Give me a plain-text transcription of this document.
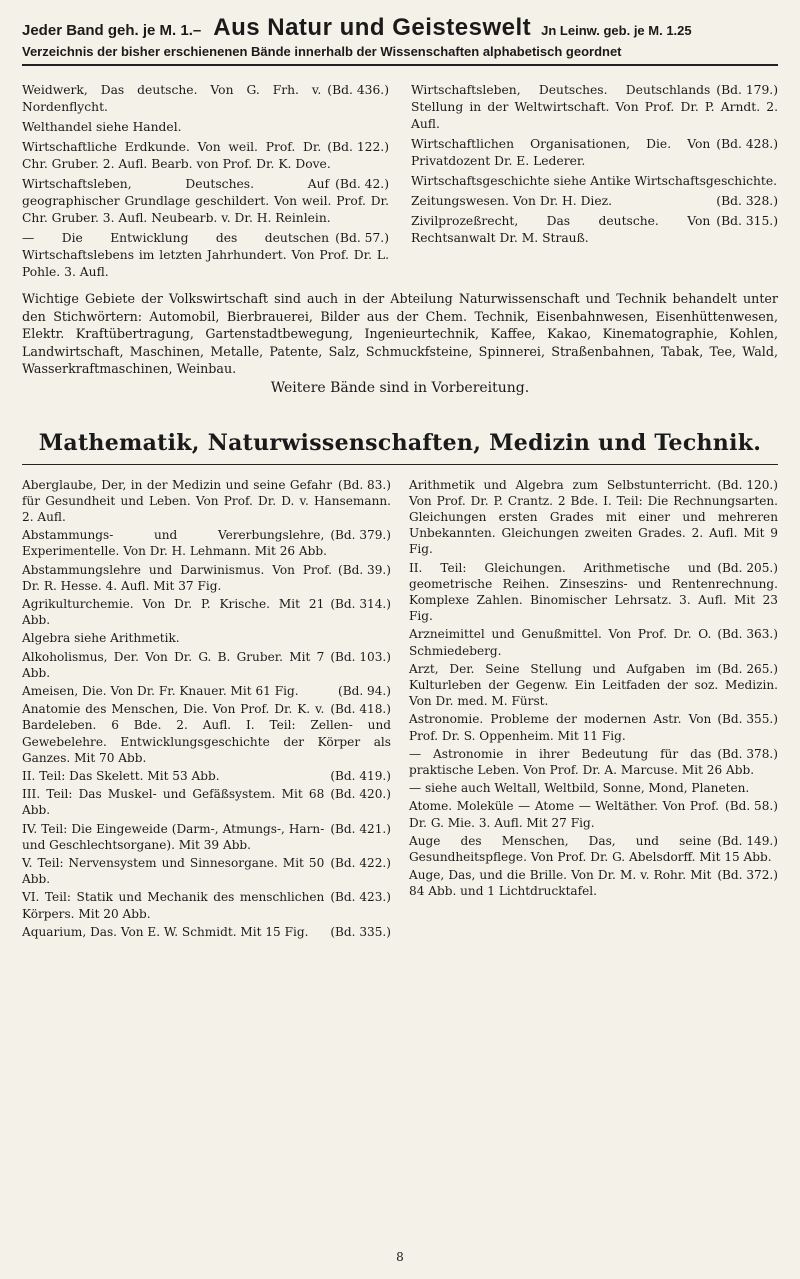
Jeder Band geh. je M. 1.– Aus Natur und Geisteswelt Jn Leinw. geb. je M. 1.25
Verzeichnis der bisher erschienenen Bände innerhalb der Wissenschaften alphabetisch geordnet
(Bd. 436.)
Weidwerk, Das deutsche. Von G. Frh. v. Nordenflycht.
Welthandel siehe Handel.
(Bd. 122.)
Wirtschaftliche Erdkunde. Von weil. Prof. Dr. Chr. Gruber. 2. Aufl. Bearb. von Prof. Dr. K. Dove.
(Bd. 42.)
Wirtschaftsleben, Deutsches. Auf geographischer Grundlage geschildert. Von weil. Prof. Dr. Chr. Gruber. 3. Aufl. Neubearb. v. Dr. H. Reinlein.
(Bd. 57.)
— Die Entwicklung des deutschen Wirtschaftslebens im letzten Jahrhundert. Von Prof. Dr. L. Pohle. 3. Aufl.
(Bd. 179.)
Wirtschaftsleben, Deutsches. Deutschlands Stellung in der Weltwirtschaft. Von Prof. Dr. P. Arndt. 2. Aufl.
(Bd. 428.)
Wirtschaftlichen Organisationen, Die. Von Privatdozent Dr. E. Lederer.
Wirtschaftsgeschichte siehe Antike Wirtschaftsgeschichte.
(Bd. 328.)
Zeitungswesen. Von Dr. H. Diez.
(Bd. 315.)
Zivilprozeßrecht, Das deutsche. Von Rechtsanwalt Dr. M. Strauß.
Wichtige Gebiete der Volkswirtschaft sind auch in der Abteilung Naturwissenschaft und Technik behandelt unter den Stichwörtern: Automobil, Bierbrauerei, Bilder aus der Chem. Technik, Eisenbahnwesen, Eisenhüttenwesen, Elektr. Kraftübertragung, Gartenstadtbewegung, Ingenieurtechnik, Kaffee, Kakao, Kinematographie, Kohlen, Landwirtschaft, Maschinen, Metalle, Patente, Salz, Schmuckfsteine, Spinnerei, Straßenbahnen, Tabak, Tee, Wald, Wasserkraftmaschinen, Weinbau.
Weitere Bände sind in Vorbereitung.
Mathematik, Naturwissenschaften, Medizin und Technik.
(Bd. 83.)
Aberglaube, Der, in der Medizin und seine Gefahr für Gesundheit und Leben. Von Prof. Dr. D. v. Hansemann. 2. Aufl.
(Bd. 379.)
Abstammungs- und Vererbungslehre, Experimentelle. Von Dr. H. Lehmann. Mit 26 Abb.
(Bd. 39.)
Abstammungslehre und Darwinismus. Von Prof. Dr. R. Hesse. 4. Aufl. Mit 37 Fig.
(Bd. 314.)
Agrikulturchemie. Von Dr. P. Krische. Mit 21 Abb.
Algebra siehe Arithmetik.
(Bd. 103.)
Alkoholismus, Der. Von Dr. G. B. Gruber. Mit 7 Abb.
(Bd. 94.)
Ameisen, Die. Von Dr. Fr. Knauer. Mit 61 Fig.
(Bd. 418.)
Anatomie des Menschen, Die. Von Prof. Dr. K. v. Bardeleben. 6 Bde. 2. Aufl. I. Teil: Zellen- und Gewebelehre. Entwicklungsgeschichte der Körper als Ganzes. Mit 70 Abb.
(Bd. 419.)
II. Teil: Das Skelett. Mit 53 Abb.
(Bd. 420.)
III. Teil: Das Muskel- und Gefäßsystem. Mit 68 Abb.
(Bd. 421.)
IV. Teil: Die Eingeweide (Darm-, Atmungs-, Harn- und Geschlechtsorgane). Mit 39 Abb.
(Bd. 422.)
V. Teil: Nervensystem und Sinnesorgane. Mit 50 Abb.
(Bd. 423.)
VI. Teil: Statik und Mechanik des menschlichen Körpers. Mit 20 Abb.
(Bd. 335.)
Aquarium, Das. Von E. W. Schmidt. Mit 15 Fig.
(Bd. 120.)
Arithmetik und Algebra zum Selbstunterricht. Von Prof. Dr. P. Crantz. 2 Bde. I. Teil: Die Rechnungsarten. Gleichungen ersten Grades mit einer und mehreren Unbekannten. Gleichungen zweiten Grades. 2. Aufl. Mit 9 Fig.
(Bd. 205.)
II. Teil: Gleichungen. Arithmetische und geometrische Reihen. Zinseszins- und Rentenrechnung. Komplexe Zahlen. Binomischer Lehrsatz. 3. Aufl. Mit 23 Fig.
(Bd. 363.)
Arzneimittel und Genußmittel. Von Prof. Dr. O. Schmiedeberg.
(Bd. 265.)
Arzt, Der. Seine Stellung und Aufgaben im Kulturleben der Gegenw. Ein Leitfaden der soz. Medizin. Von Dr. med. M. Fürst.
(Bd. 355.)
Astronomie. Probleme der modernen Astr. Von Prof. Dr. S. Oppenheim. Mit 11 Fig.
(Bd. 378.)
— Astronomie in ihrer Bedeutung für das praktische Leben. Von Prof. Dr. A. Marcuse. Mit 26 Abb.
— siehe auch Weltall, Weltbild, Sonne, Mond, Planeten.
(Bd. 58.)
Atome. Moleküle — Atome — Weltäther. Von Prof. Dr. G. Mie. 3. Aufl. Mit 27 Fig.
(Bd. 149.)
Auge des Menschen, Das, und seine Gesundheitspflege. Von Prof. Dr. G. Abelsdorff. Mit 15 Abb.
(Bd. 372.)
Auge, Das, und die Brille. Von Dr. M. v. Rohr. Mit 84 Abb. und 1 Lichtdrucktafel.
8
